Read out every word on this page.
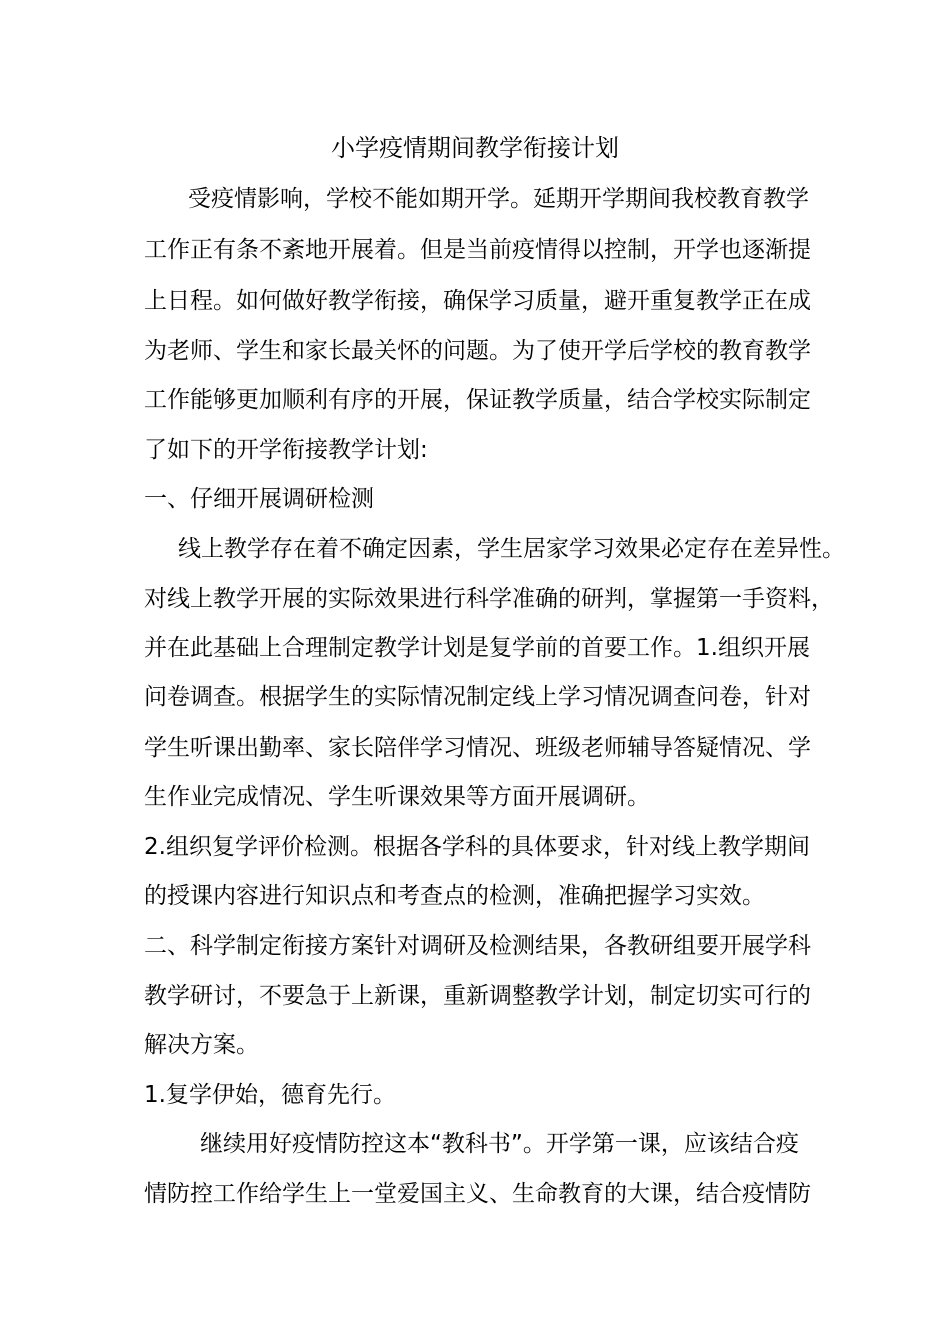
小学疫情期间教学衔接计划
受疫情影响，学校不能如期开学。延期开学期间我校教育教学
工作正有条不紊地开展着。但是当前疫情得以控制，开学也逐渐提
上日程。如何做好教学衔接，确保学习质量，避开重复教学正在成
为老师、学生和家长最关怀的问题。为了使开学后学校的教育教学
工作能够更加顺利有序的开展，保证教学质量，结合学校实际制定
了如下的开学衔接教学计划:
一、仔细开展调研检测
线上教学存在着不确定因素，学生居家学习效果必定存在差异性。
对线上教学开展的实际效果进行科学准确的研判，掌握第一手资料，
并在此基础上合理制定教学计划是复学前的首要工作。1.组织开展
问卷调查。根据学生的实际情况制定线上学习情况调查问卷，针对
学生听课出勤率、家长陪伴学习情况、班级老师辅导答疑情况、学
生作业完成情况、学生听课效果等方面开展调研。
2.组织复学评价检测。根据各学科的具体要求，针对线上教学期间
的授课内容进行知识点和考查点的检测，准确把握学习实效。
二、科学制定衔接方案针对调研及检测结果，各教研组要开展学科
教学研讨，不要急于上新课，重新调整教学计划，制定切实可行的
解决方案。
1.复学伊始，德育先行。
继续用好疫情防控这本“教科书”。开学第一课，应该结合疫
情防控工作给学生上一堂爱国主义、生命教育的大课，结合疫情防
